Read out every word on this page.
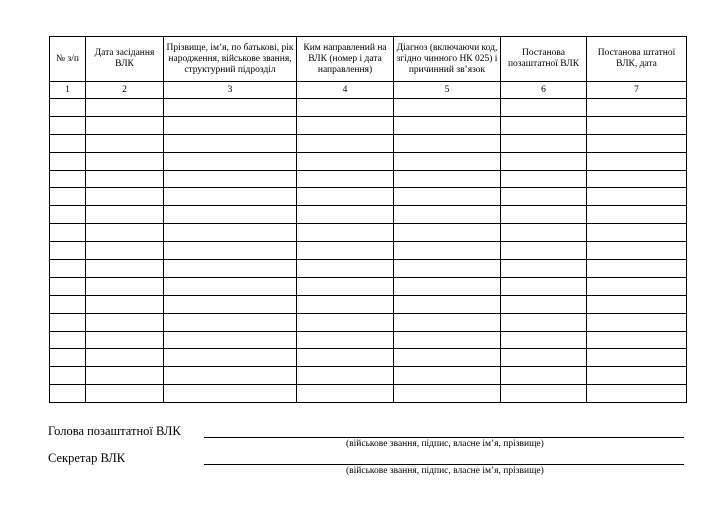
№ з/п	Дата засідання ВЛК	Прізвище, ім’я, по батькові, рік народження, військове звання, структурний підрозділ	Ким направлений на ВЛК (номер і дата направлення)	Діагноз (включаючи код, згідно чинного НК 025) і причинний зв’язок	Постанова позаштатної ВЛК	Постанова штатної ВЛК, дата
1	2	3	4	5	6	7

Голова позаштатної ВЛК
(військове звання, підпис, власне ім’я, прізвище)
Секретар ВЛК
(військове звання, підпис, власне ім’я, прізвище)
